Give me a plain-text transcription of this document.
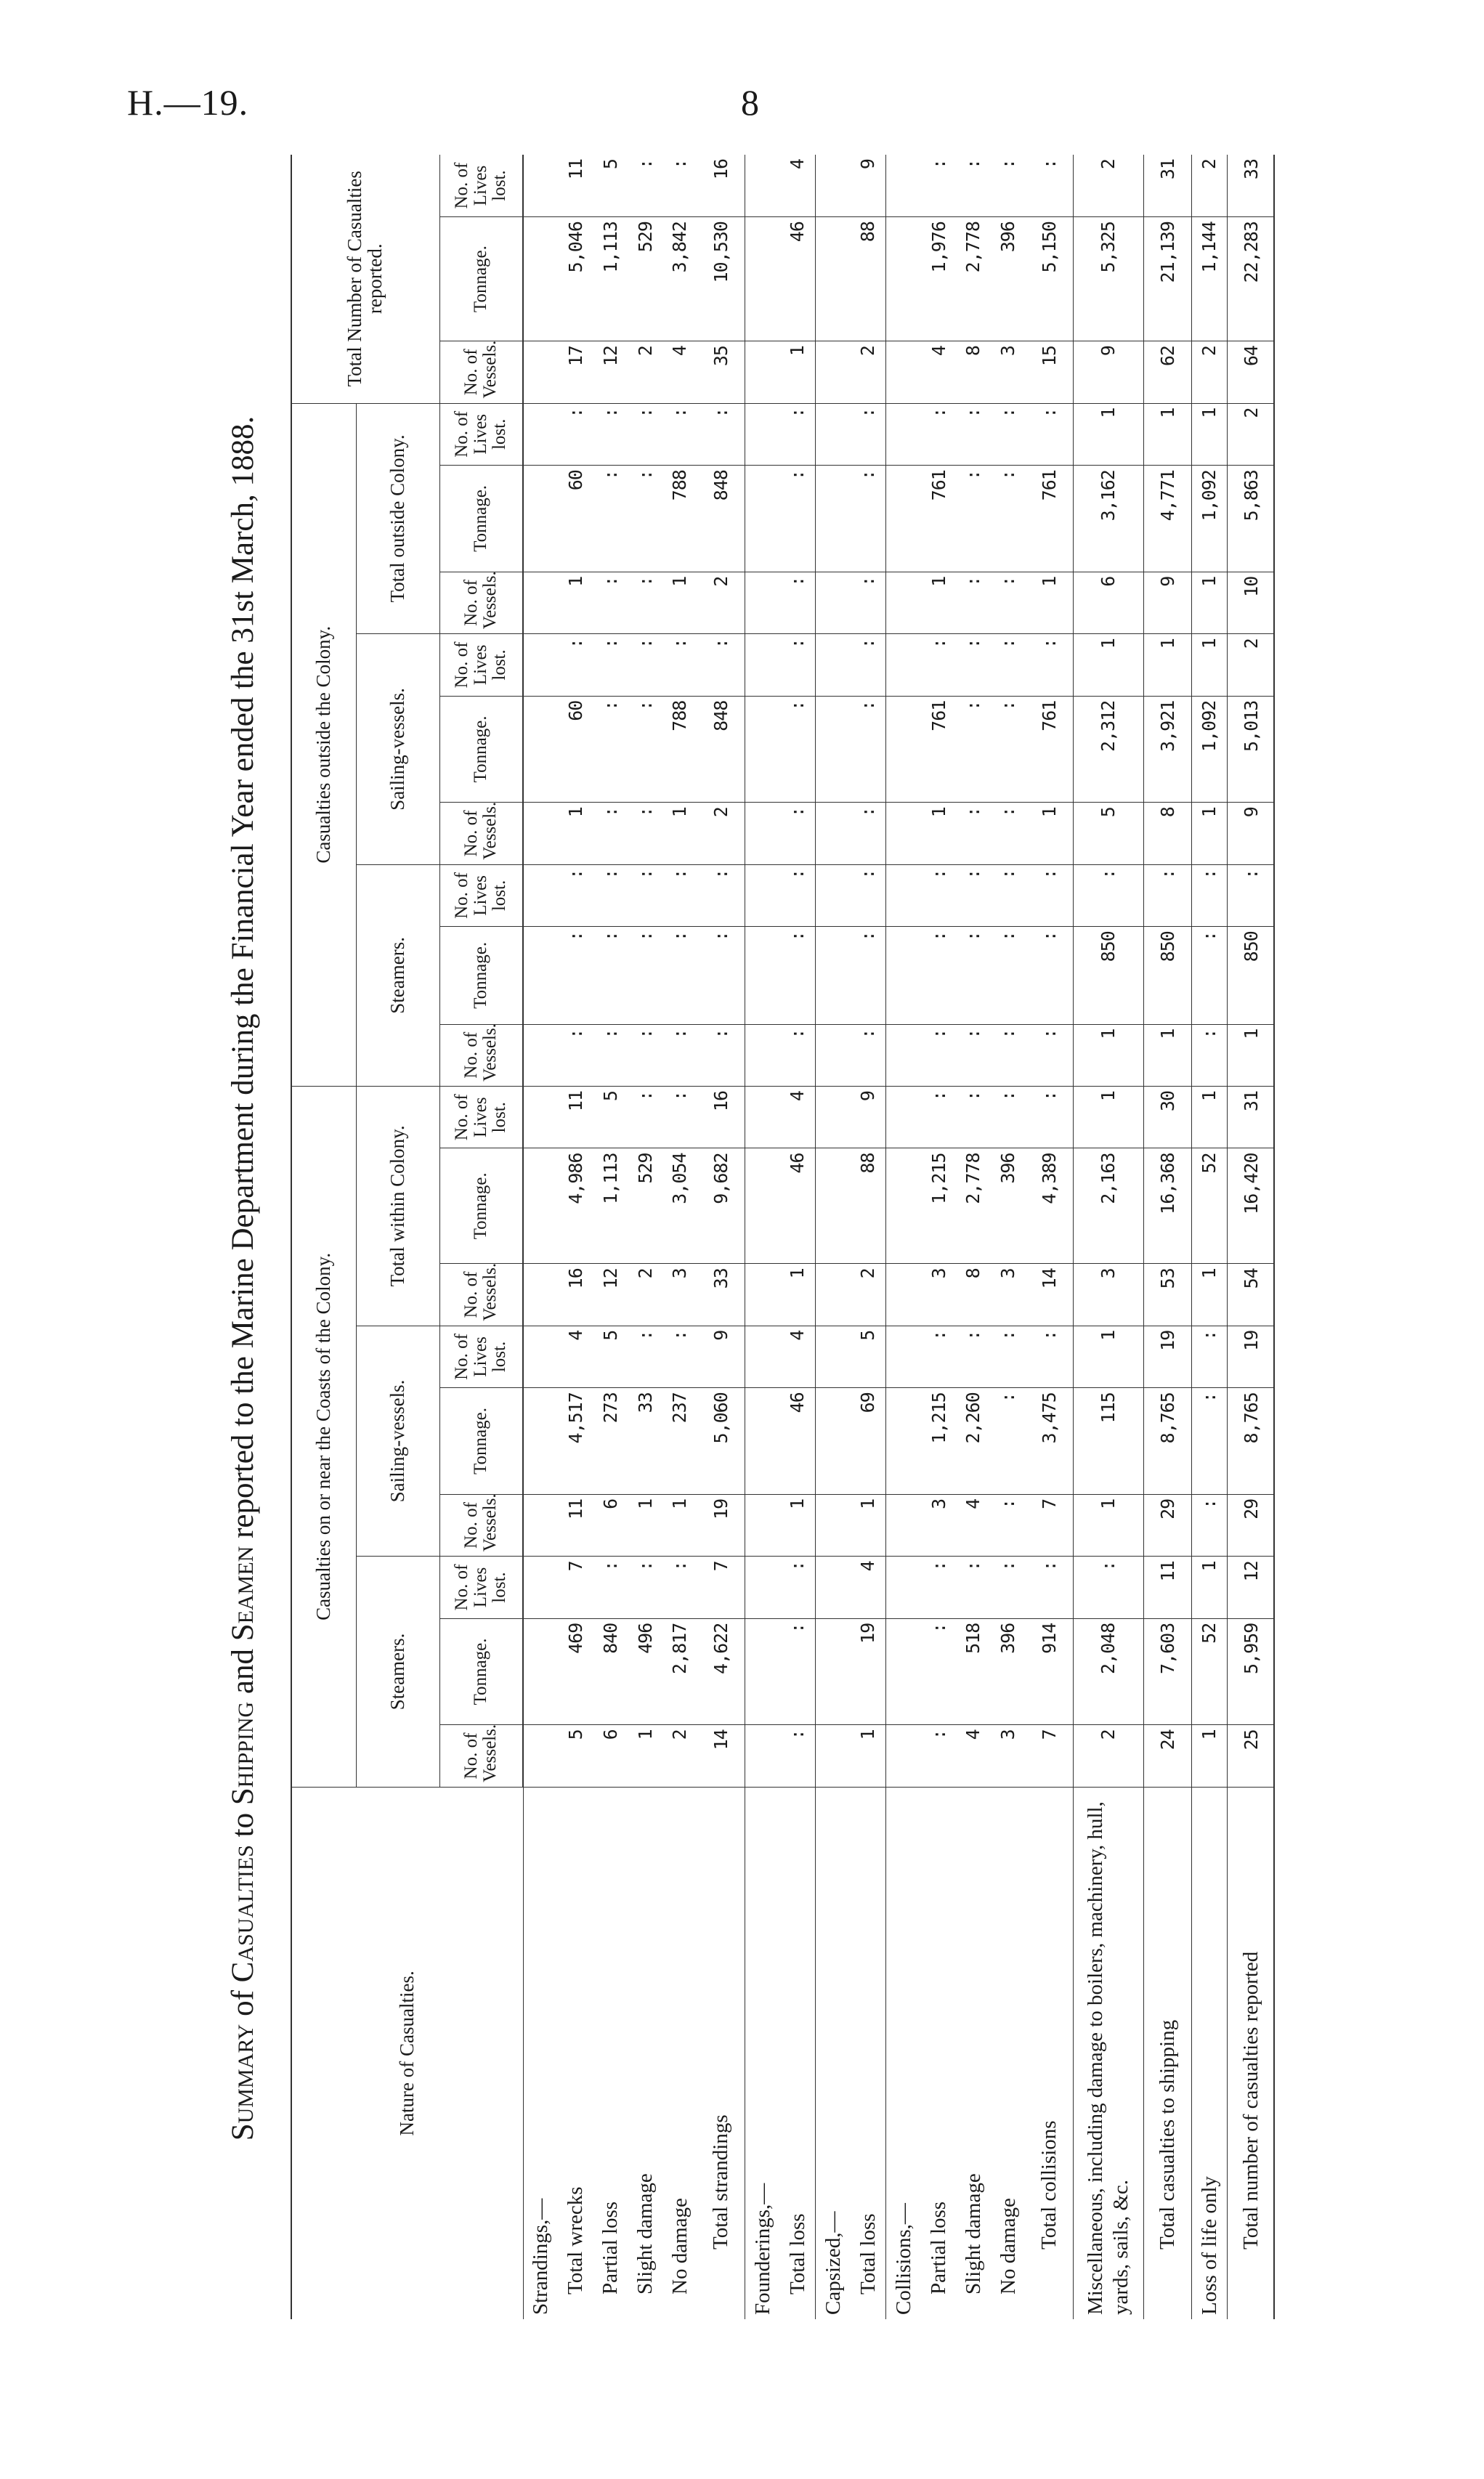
H.—19.	8
Summary of Casualties to Shipping and Seamen reported to the Marine Department during the Financial Year ended the 31st March, 1888.
Nature of Casualties.	Casualties on or near the Coasts of the Colony.									Casualties outside the Colony.									Total Number of Casualties reported.		
	Steamers.			Sailing-vessels.			Total within Colony.			Steamers.			Sailing-vessels.			Total outside Colony.					
	No. of Vessels.	Tonnage.	No. of Lives lost.	No. of Vessels.	Tonnage.	No. of Lives lost.	No. of Vessels.	Tonnage.	No. of Lives lost.	No. of Vessels.	Tonnage.	No. of Lives lost.	No. of Vessels.	Tonnage.	No. of Lives lost.	No. of Vessels.	Tonnage.	No. of Lives lost.	No. of Vessels.	Tonnage.	No. of Lives lost.
Strandings,—																					

Total wrecks	5	469	7	11	4,517	4	16	4,986	11	:	:	:	1	60	:	1	60	:	17	5,046	11

Partial loss	6	840	:	6	273	5	12	1,113	5	:	:	:	:	:	:	:	:	:	12	1,113	5

Slight damage	1	496	:	1	33	:	2	529	:	:	:	:	:	:	:	:	:	:	2	529	:

No damage	2	2,817	:	1	237	:	3	3,054	:	:	:	:	1	788	:	1	788	:	4	3,842	:

Total strandings	14	4,622	7	19	5,060	9	33	9,682	16	:	:	:	2	848	:	2	848	:	35	10,530	16
Founderings,—																					

Total loss	:	:	:	1	46	4	1	46	4	:	:	:	:	:	:	:	:	:	1	46	4
Capsized,—																					

Total loss	1	19	4	1	69	5	2	88	9	:	:	:	:	:	:	:	:	:	2	88	9
Collisions,—																					

Partial loss	:	:	:	3	1,215	:	3	1,215	:	:	:	:	1	761	:	1	761	:	4	1,976	:

Slight damage	4	518	:	4	2,260	:	8	2,778	:	:	:	:	:	:	:	:	:	:	8	2,778	:

No damage	3	396	:	:	:	:	3	396	:	:	:	:	:	:	:	:	:	:	3	396	:

Total collisions	7	914	:	7	3,475	:	14	4,389	:	:	:	:	1	761	:	1	761	:	15	5,150	:

Miscellaneous, including damage to boilers, machinery, hull, yards, sails, &c.	2	2,048	:	1	115	1	3	2,163	1	1	850	:	5	2,312	1	6	3,162	1	9	5,325	2

Total casualties to shipping	24	7,603	11	29	8,765	19	53	16,368	30	1	850	:	8	3,921	1	9	4,771	1	62	21,139	31
Loss of life only	1	52	1	:	:	:	1	52	1	:	:	:	1	1,092	1	1	1,092	1	2	1,144	2

Total number of casualties reported	25	5,959	12	29	8,765	19	54	16,420	31	1	850	:	9	5,013	2	10	5,863	2	64	22,283	33
